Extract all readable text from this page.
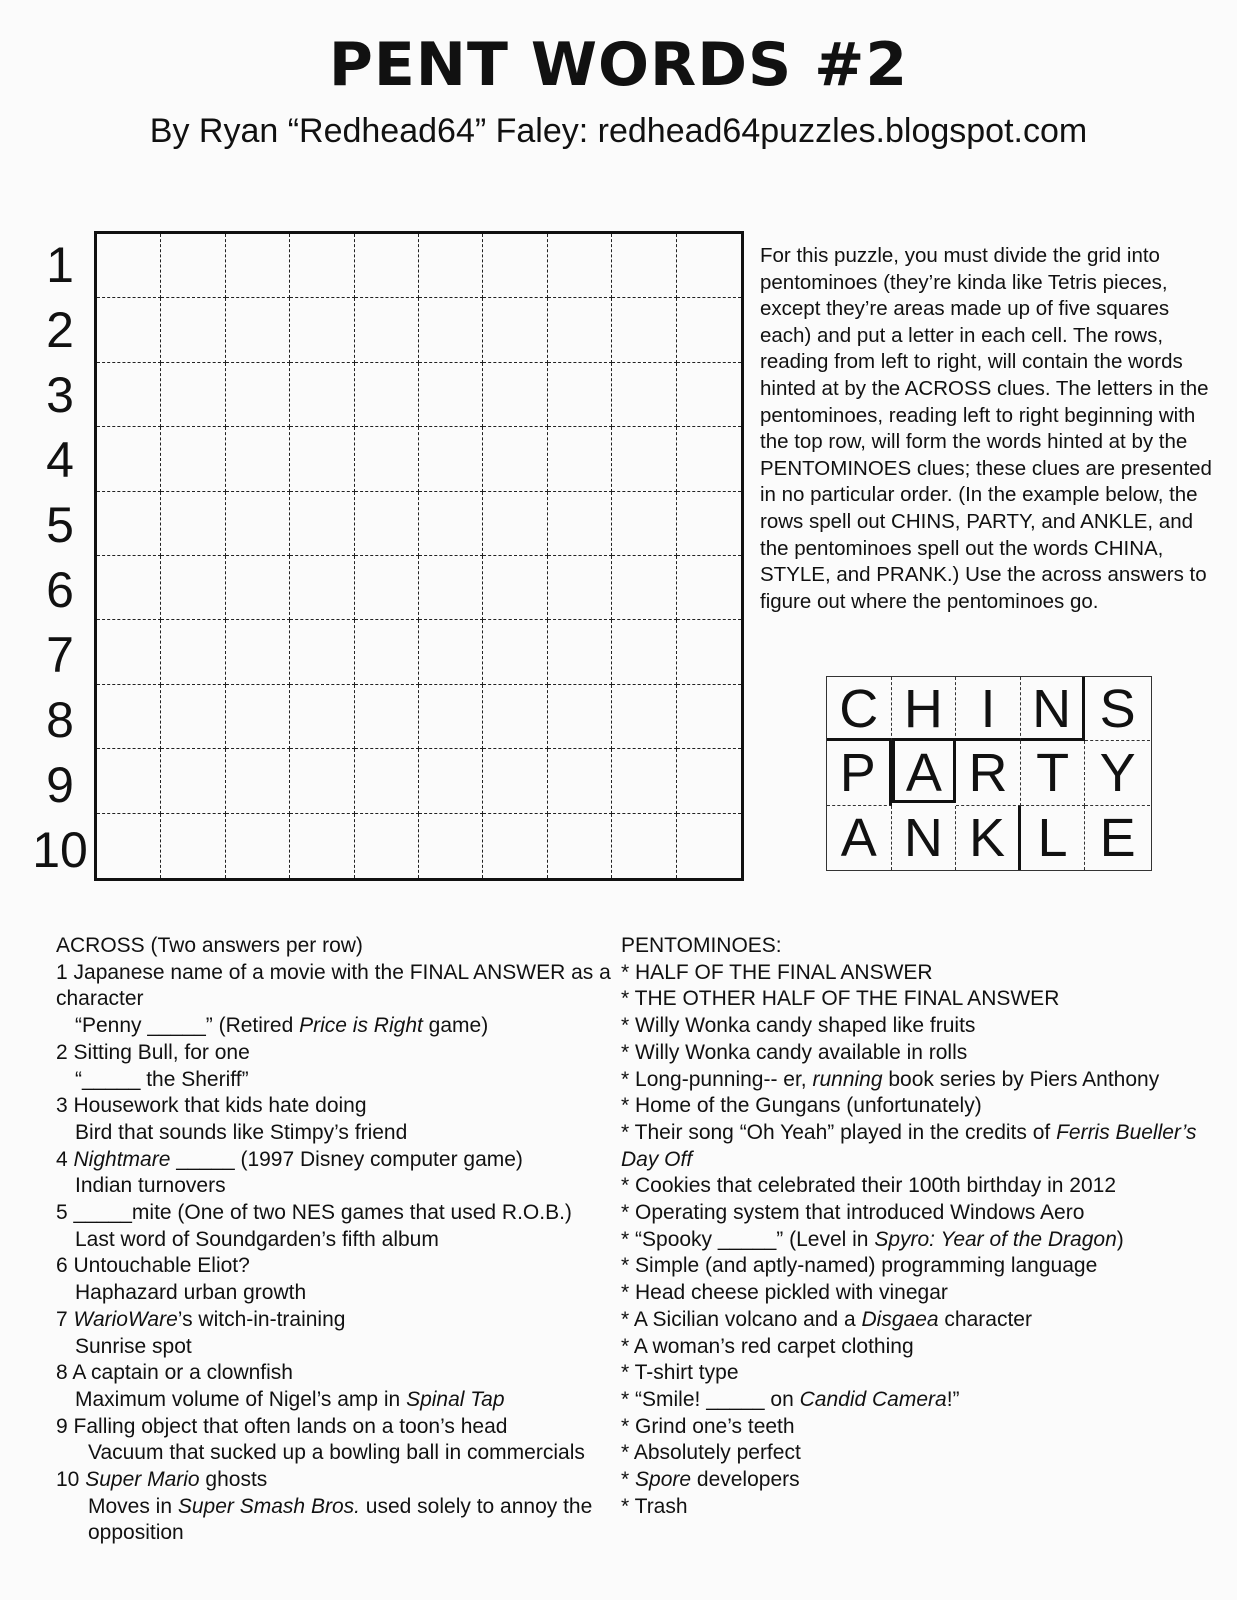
PENT WORDS #2
By Ryan “Redhead64” Faley: redhead64puzzles.blogspot.com
1
2
3
4
5
6
7
8
9
10
For this puzzle, you must divide the grid into pentominoes (they’re kinda like Tetris pieces, except they’re areas made up of five squares each) and put a letter in each cell. The rows, reading from left to right, will contain the words hinted at by the ACROSS clues. The letters in the pentominoes, reading left to right beginning with the top row, will form the words hinted at by the PENTOMINOES clues; these clues are presented in no particular order. (In the example below, the rows spell out CHINS, PARTY, and ANKLE, and the pentominoes spell out the words CHINA, STYLE, and PRANK.) Use the across answers to figure out where the pentominoes go.
C H I N S
P A R T Y
A N K L E
ACROSS (Two answers per row)
1 Japanese name of a movie with the FINAL ANSWER as a character
“Penny _____” (Retired Price is Right game)
2 Sitting Bull, for one
“_____ the Sheriff”
3 Housework that kids hate doing
Bird that sounds like Stimpy’s friend
4 Nightmare _____ (1997 Disney computer game)
Indian turnovers
5 _____mite (One of two NES games that used R.O.B.)
Last word of Soundgarden’s fifth album
6 Untouchable Eliot?
Haphazard urban growth
7 WarioWare’s witch-in-training
Sunrise spot
8 A captain or a clownfish
Maximum volume of Nigel’s amp in Spinal Tap
9 Falling object that often lands on a toon’s head
Vacuum that sucked up a bowling ball in commercials
10 Super Mario ghosts
Moves in Super Smash Bros. used solely to annoy the opposition
PENTOMINOES:
* HALF OF THE FINAL ANSWER
* THE OTHER HALF OF THE FINAL ANSWER
* Willy Wonka candy shaped like fruits
* Willy Wonka candy available in rolls
* Long-punning-- er, running book series by Piers Anthony
* Home of the Gungans (unfortunately)
* Their song “Oh Yeah” played in the credits of Ferris Bueller’s Day Off
* Cookies that celebrated their 100th birthday in 2012
* Operating system that introduced Windows Aero
* “Spooky _____” (Level in Spyro: Year of the Dragon)
* Simple (and aptly-named) programming language
* Head cheese pickled with vinegar
* A Sicilian volcano and a Disgaea character
* A woman’s red carpet clothing
* T-shirt type
* “Smile! _____ on Candid Camera!”
* Grind one’s teeth
* Absolutely perfect
* Spore developers
* Trash
